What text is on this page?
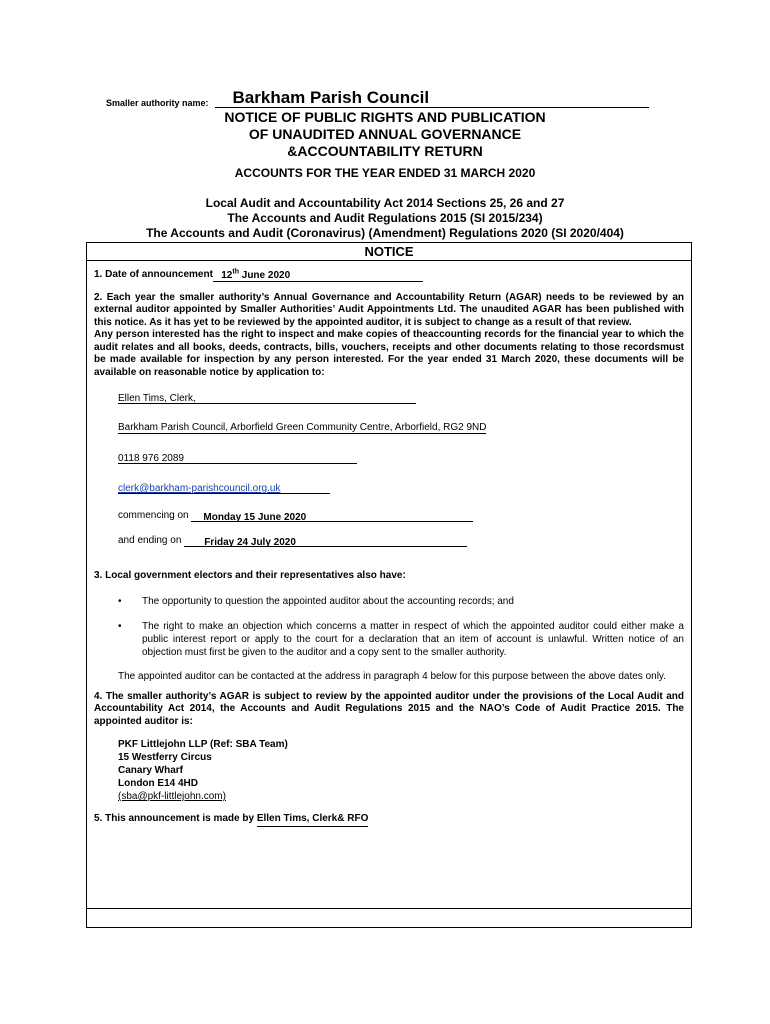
Smaller authority name: Barkham Parish Council
NOTICE OF PUBLIC RIGHTS AND PUBLICATION
OF UNAUDITED ANNUAL GOVERNANCE
&ACCOUNTABILITY RETURN
ACCOUNTS FOR THE YEAR ENDED 31 MARCH 2020
Local Audit and Accountability Act 2014 Sections 25, 26 and 27
The Accounts and Audit Regulations 2015 (SI 2015/234)
The Accounts and Audit (Coronavirus) (Amendment) Regulations 2020 (SI 2020/404)
NOTICE
1. Date of announcement 12th June 2020
2. Each year the smaller authority’s Annual Governance and Accountability Return (AGAR) needs to be reviewed by an external auditor appointed by Smaller Authorities’ Audit Appointments Ltd. The unaudited AGAR has been published with this notice. As it has yet to be reviewed by the appointed auditor, it is subject to change as a result of that review.
Any person interested has the right to inspect and make copies of theaccounting records for the financial year to which the audit relates and all books, deeds, contracts, bills, vouchers, receipts and other documents relating to those recordsmust be made available for inspection by any person interested. For the year ended 31 March 2020, these documents will be available on reasonable notice by application to:
Ellen Tims, Clerk,
Barkham Parish Council, Arborfield Green Community Centre, Arborfield, RG2 9ND
0118 976 2089
clerk@barkham-parishcouncil.org.uk
commencing on Monday 15 June 2020
and ending on Friday 24 July 2020
3. Local government electors and their representatives also have:
• The opportunity to question the appointed auditor about the accounting records; and
• The right to make an objection which concerns a matter in respect of which the appointed auditor could either make a public interest report or apply to the court for a declaration that an item of account is unlawful. Written notice of an objection must first be given to the auditor and a copy sent to the smaller authority.
The appointed auditor can be contacted at the address in paragraph 4 below for this purpose between the above dates only.
4. The smaller authority’s AGAR is subject to review by the appointed auditor under the provisions of the Local Audit and Accountability Act 2014, the Accounts and Audit Regulations 2015 and the NAO’s Code of Audit Practice 2015. The appointed auditor is:
PKF Littlejohn LLP (Ref: SBA Team)
15 Westferry Circus
Canary Wharf
London E14 4HD
(sba@pkf-littlejohn.com)
5. This announcement is made by Ellen Tims, Clerk& RFO
